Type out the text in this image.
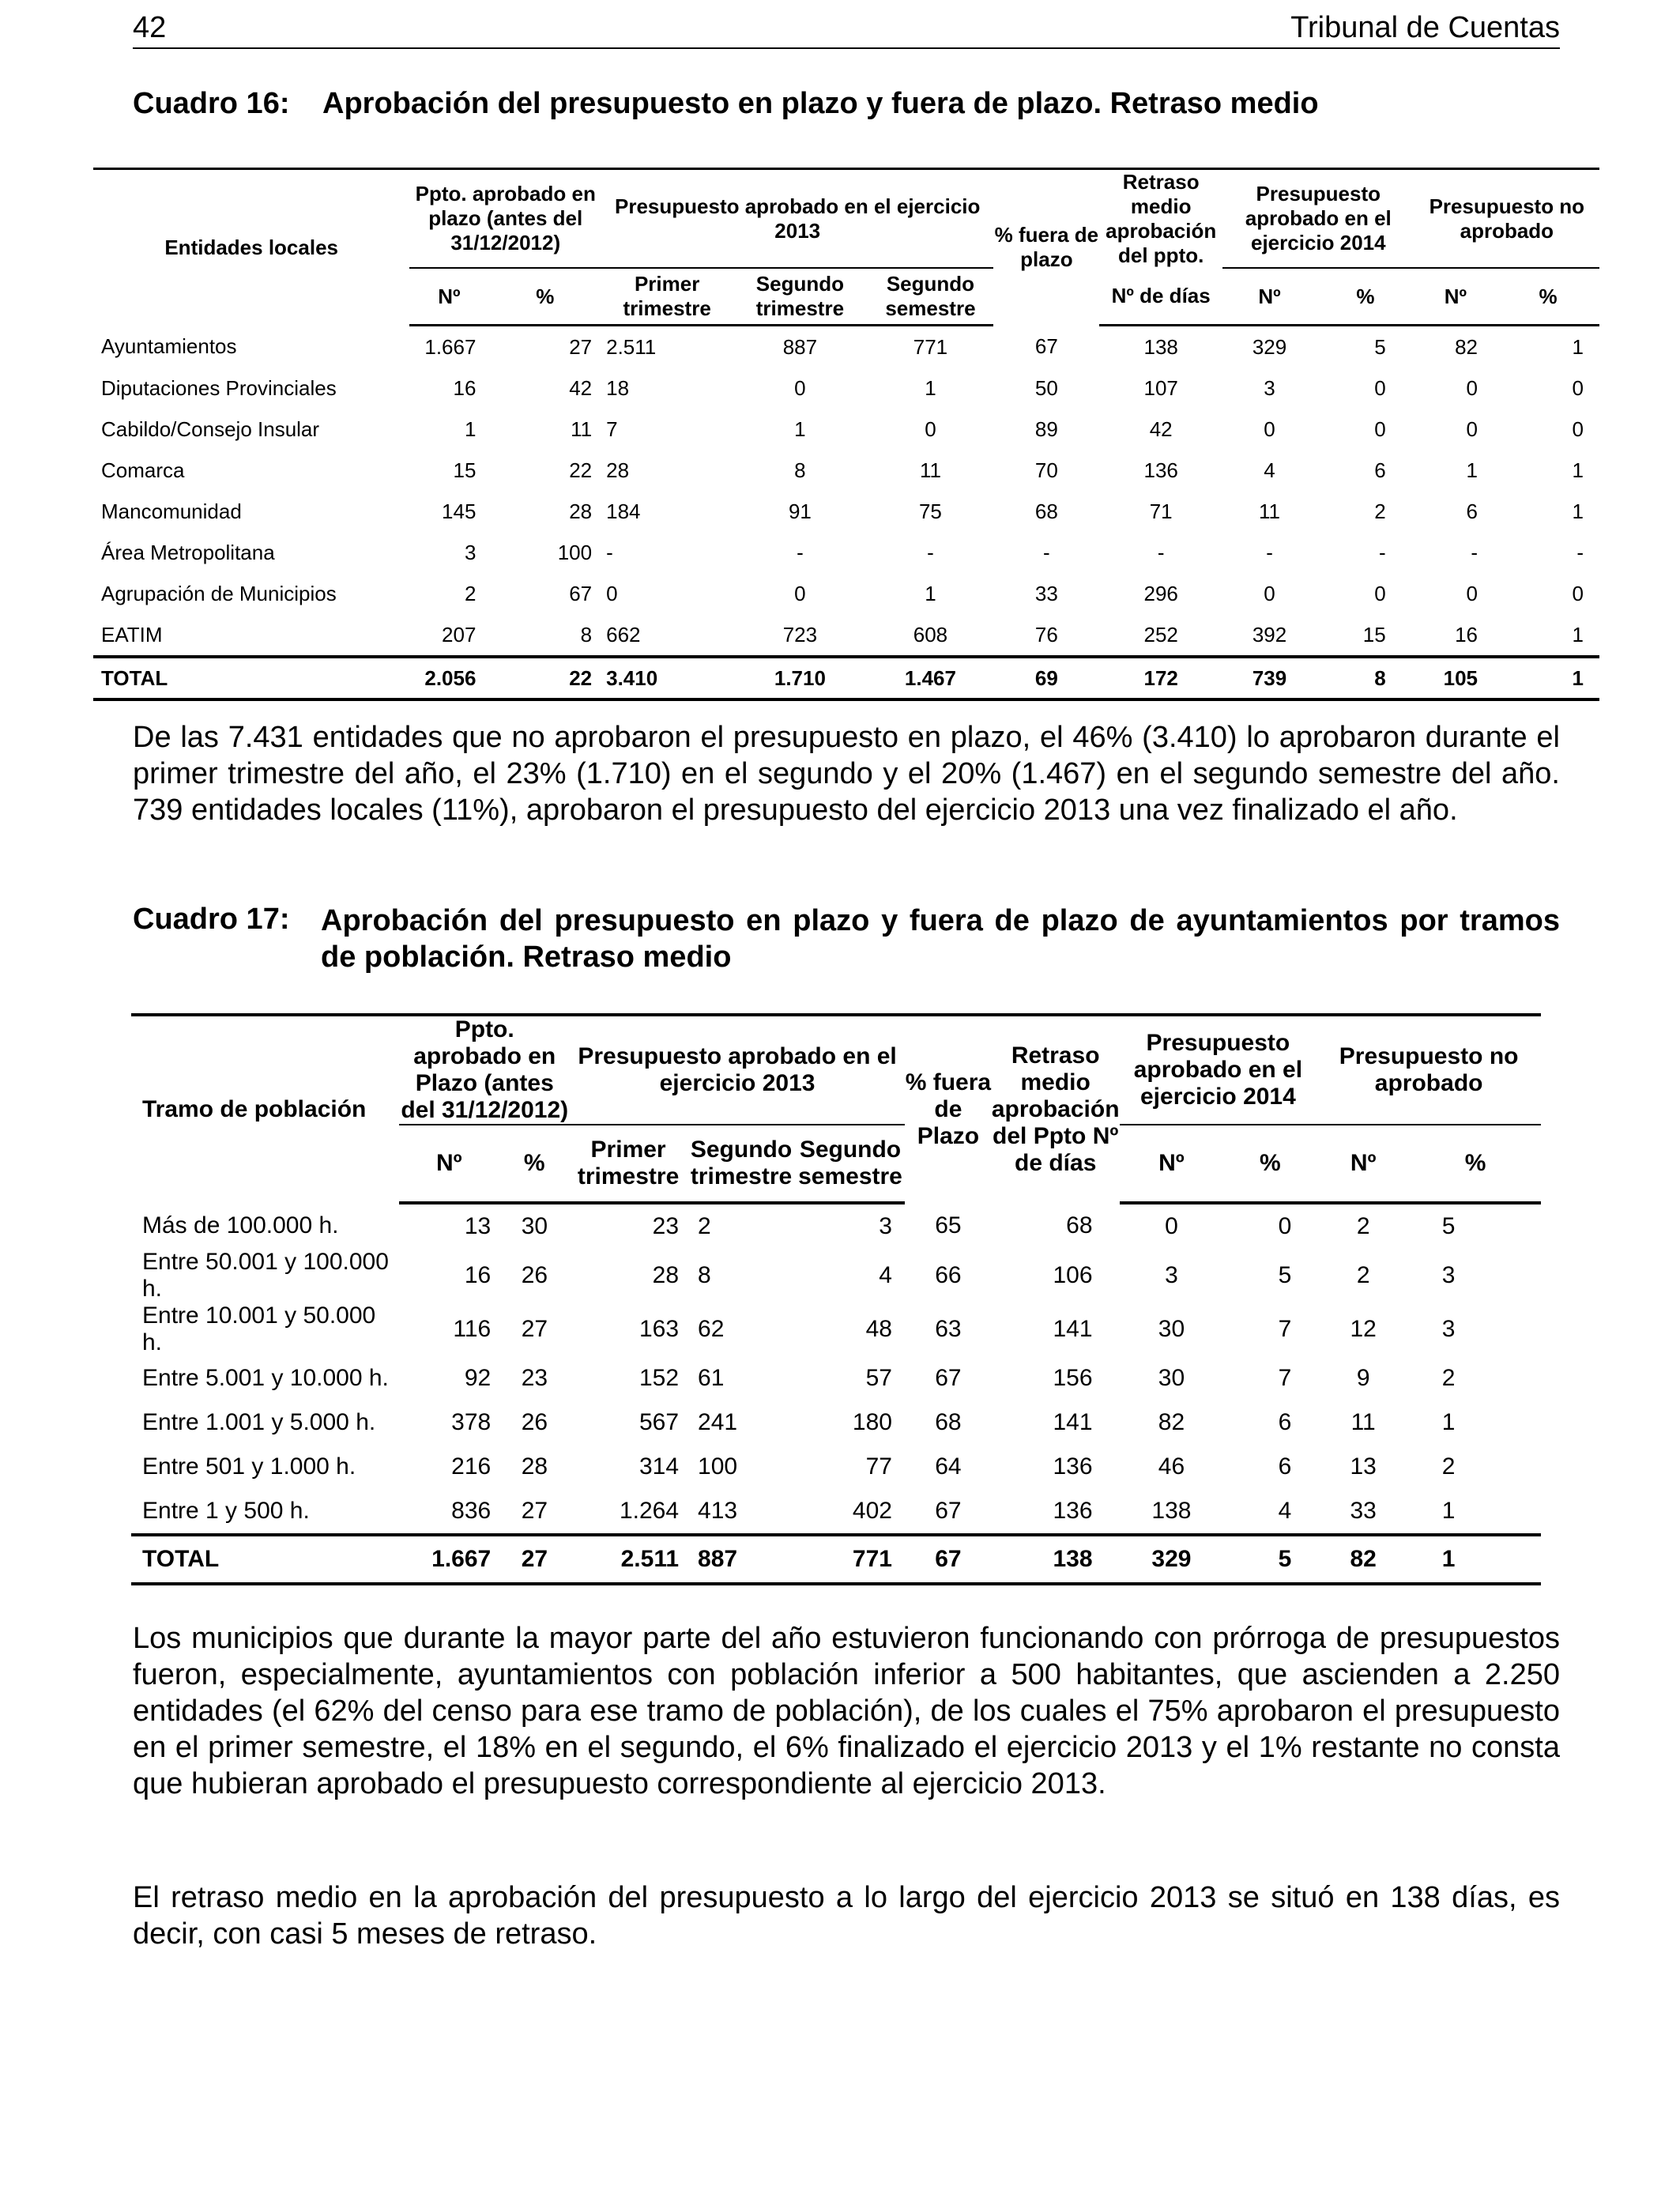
42	Tribunal de Cuentas
Cuadro 16: Aprobación del presupuesto en plazo y fuera de plazo. Retraso medio
Entidades locales	Ppto. aprobado en plazo (antes del 31/12/2012)		Presupuesto aprobado en el ejercicio 2013			% fuera de plazo	Retraso medio aprobación del ppto.	Presupuesto aprobado en el ejercicio 2014		Presupuesto no aprobado	
	Nº	%	Primer trimestre	Segundo trimestre	Segundo semestre		Nº de días	Nº	%	Nº	%
Ayuntamientos	1.667	27	2.511	887	771	67	138	329	5	82	1
Diputaciones Provinciales	16	42	18	0	1	50	107	3	0	0	0
Cabildo/Consejo Insular	1	11	7	1	0	89	42	0	0	0	0
Comarca	15	22	28	8	11	70	136	4	6	1	1
Mancomunidad	145	28	184	91	75	68	71	11	2	6	1
Área Metropolitana	3	100	-	-	-	-	-	-	-	-	-
Agrupación de Municipios	2	67	0	0	1	33	296	0	0	0	0
EATIM	207	8	662	723	608	76	252	392	15	16	1
TOTAL	2.056	22	3.410	1.710	1.467	69	172	739	8	105	1
De las 7.431 entidades que no aprobaron el presupuesto en plazo, el 46% (3.410) lo aprobaron durante el primer trimestre del año, el 23% (1.710) en el segundo y el 20% (1.467) en el segundo semestre del año. 739 entidades locales (11%), aprobaron el presupuesto del ejercicio 2013 una vez finalizado el año.
Cuadro 17:	Aprobación del presupuesto en plazo y fuera de plazo de ayuntamientos por tramos de población. Retraso medio
Tramo de población	Ppto. aprobado en Plazo (antes del 31/12/2012)		Presupuesto aprobado en el ejercicio 2013			% fuera de Plazo	Retraso medio aprobación del Ppto Nº de días	Presupuesto aprobado en el ejercicio 2014		Presupuesto no aprobado	
	Nº	%	Primer trimestre	Segundo trimestre	Segundo semestre			Nº	%	Nº	%
Más de 100.000 h.	13	30	23	2	3	65	68	0	0	2	5
Entre 50.001 y 100.000 h.	16	26	28	8	4	66	106	3	5	2	3
Entre 10.001 y 50.000 h.	116	27	163	62	48	63	141	30	7	12	3
Entre 5.001 y 10.000 h.	92	23	152	61	57	67	156	30	7	9	2
Entre 1.001 y 5.000 h.	378	26	567	241	180	68	141	82	6	11	1
Entre 501 y 1.000 h.	216	28	314	100	77	64	136	46	6	13	2
Entre 1 y 500 h.	836	27	1.264	413	402	67	136	138	4	33	1
TOTAL	1.667	27	2.511	887	771	67	138	329	5	82	1
Los municipios que durante la mayor parte del año estuvieron funcionando con prórroga de presupuestos fueron, especialmente, ayuntamientos con población inferior a 500 habitantes, que ascienden a 2.250 entidades (el 62% del censo para ese tramo de población), de los cuales el 75% aprobaron el presupuesto en el primer semestre, el 18% en el segundo, el 6% finalizado el ejercicio 2013 y el 1% restante no consta que hubieran aprobado el presupuesto correspondiente al ejercicio 2013.
El retraso medio en la aprobación del presupuesto a lo largo del ejercicio 2013 se situó en 138 días, es decir, con casi 5 meses de retraso.
